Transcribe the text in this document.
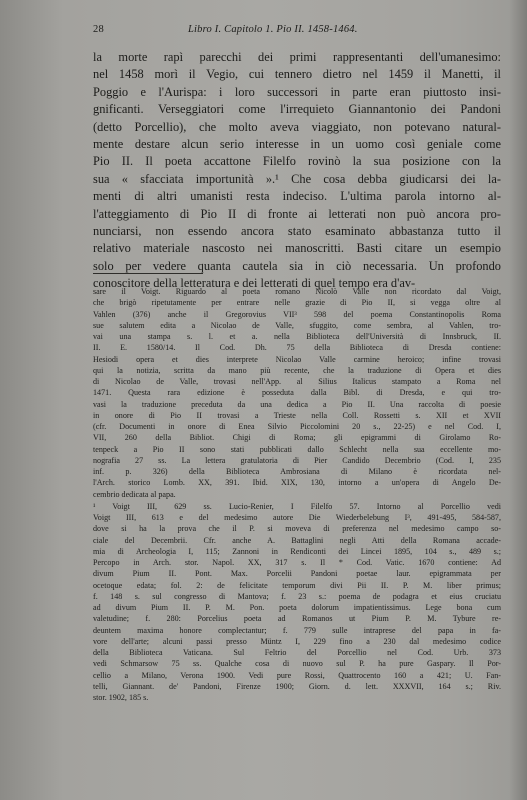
28	Libro I. Capitolo 1. Pio II. 1458-1464.
la morte rapì parecchi dei primi rappresentanti dell'umanesimo:
nel 1458 morì il Vegio, cui tennero dietro nel 1459 il Manetti, il
Poggio e l'Aurispa: i loro successori in parte eran piuttosto insi-
gnificanti. Verseggiatori come l'irrequieto Giannantonio dei Pandoni
(detto Porcellio), che molto aveva viaggiato, non potevano natural-
mente destare alcun serio interesse in un uomo così geniale come
Pio II. Il poeta accattone Filelfo rovinò la sua posizione con la
sua « sfacciata importunità ».¹ Che cosa debba giudicarsi dei la-
menti di altri umanisti resta indeciso. L'ultima parola intorno al-
l'atteggiamento di Pio II di fronte ai letterati non può ancora pro-
nunciarsi, non essendo ancora stato esaminato abbastanza tutto il
relativo materiale nascosto nei manoscritti. Basti citare un esempio
solo per vedere quanta cautela sia in ciò necessaria. Un profondo
conoscitore della letteratura e dei letterati di quel tempo era d'av-
sare il Voigt. Riguardo al poeta romano Nicolò Valle non ricordato dal Voigt,
che brigò ripetutamente per entrare nelle grazie di Pio II, si vegga oltre al
Vahlen (376) anche il Gregorovius VII³ 598 del poema Constantinopolis Roma
sue salutem edita a Nicolao de Valle, sfuggito, come sembra, al Vahlen, tro-
vai una stampa s. l. et a. nella Biblioteca dell'Università di Innsbruck, II.
II. E. 1580/14. Il Cod. Dh. 75 della Biblioteca di Dresda contiene:
Hesiodi opera et dies interprete Nicolao Valle carmine heroico; infine trovasi
qui la notizia, scritta da mano più recente, che la traduzione di Opera et dies
di Nicolao de Valle, trovasi nell'App. al Silius Italicus stampato a Roma nel
1471. Questa rara edizione è posseduta dalla Bibl. di Dresda, e qui tro-
vasi la traduzione preceduta da una dedica a Pio II. Una raccolta di poesie
in onore di Pio II trovasi a Trieste nella Coll. Rossetti s. XII et XVII
(cfr. Documenti in onore di Enea Silvio Piccolomini 20 s., 22-25) e nel Cod. I,
VII, 260 della Bibliot. Chigi di Roma; gli epigrammi di Girolamo Ro-
tenpeck a Pio II sono stati pubblicati dallo Schlecht nella sua eccellente mo-
nografia 27 ss. La lettera gratulatoria di Pier Candido Decembrio (Cod. I, 235
inf. p. 326) della Biblioteca Ambrosiana di Milano è ricordata nel-
l'Arch. storico Lomb. XX, 391. Ibid. XIX, 130, intorno a un'opera di Angelo De-
cembrio dedicata al papa.
¹ Voigt III, 629 ss. Lucio-Renier, I Filelfo 57. Intorno al Porcellio vedi
Voigt III, 613 e del medesimo autore Die Wiederbelebung I³, 491-495, 584-587,
dove si ha la prova che il P. si moveva di preferenza nel medesimo campo so-
ciale del Decembrii. Cfr. anche A. Battaglini negli Atti della Romana accade-
mia di Archeologia I, 115; Zannoni in Rendiconti dei Lincei 1895, 104 s., 489 s.;
Percopo in Arch. stor. Napol. XX, 317 s. Il * Cod. Vatic. 1670 contiene: Ad
divum Pium II. Pont. Max. Porcelii Pandoni poetae laur. epigrammata per
ocetoque edata; fol. 2: de felicitate temporum divi Pii II. P. M. liber primus;
f. 148 s. sul congresso di Mantova; f. 23 s.: poema de podagra et eius cruciatu
ad divum Pium II. P. M. Pon. poeta dolorum impatientissimus. Lege bona cum
valetudine; f. 280: Porcelius poeta ad Romanos ut Pium P. M. Tybure re-
deuntem maxima honore complectantur; f. 779 sulle intraprese del papa in fa-
vore dell'arte; alcuni passi presso Müntz I, 229 fino a 230 dal medesimo codice
della Biblioteca Vaticana. Sul Feltrio del Porcellio nel Cod. Urb. 373
vedi Schmarsow 75 ss. Qualche cosa di nuovo sul P. ha pure Gaspary. Il Por-
cellio a Milano, Verona 1900. Vedi pure Rossi, Quattrocento 160 a 421; U. Fan-
telli, Giannant. de' Pandoni, Firenze 1900; Giorn. d. lett. XXXVII, 164 s.; Riv.
stor. 1902, 185 s.
